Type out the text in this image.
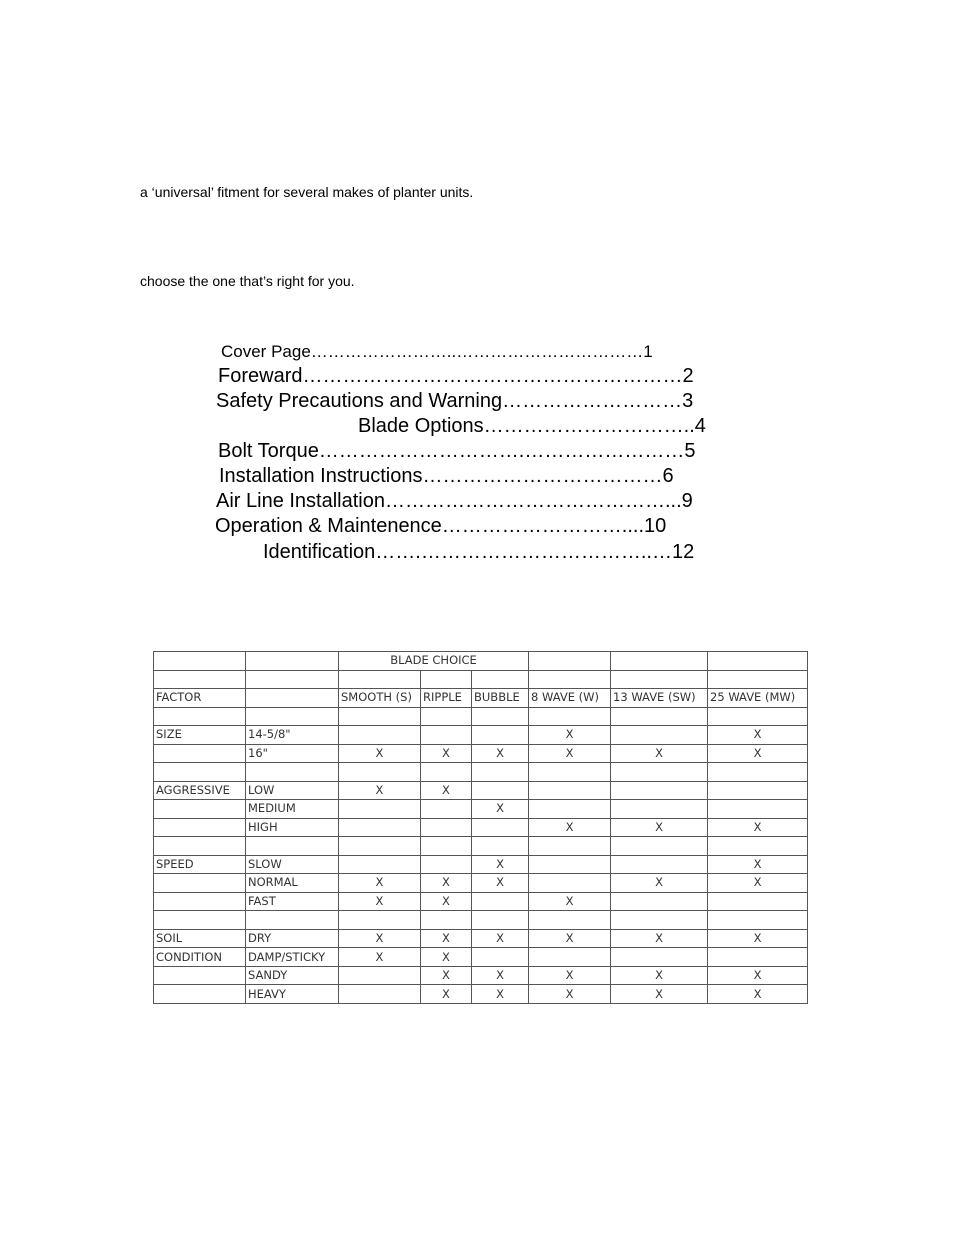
a ‘universal’ fitment for several makes of planter units.
choose the one that’s right for you.
Cover Page……………………..……………………………1
Foreward…………………………………………………2
Safety Precautions and Warning………………………3
Blade Options…………………………..4
Bolt Torque………………………….……………………5
Installation Instructions………………………………6
Air Line Installation……………………………………...9
Operation & Maintenence………………………....10
Identification…….……………………………..…12
		BLADE CHOICE					

FACTOR		SMOOTH (S)	RIPPLE	BUBBLE	8 WAVE (W)	13 WAVE (SW)	25 WAVE (MW)

SIZE	14-5/8"				X		X
	16"	X	X	X	X	X	X

AGGRESSIVE	LOW	X	X				
	MEDIUM			X			
	HIGH				X	X	X

SPEED	SLOW			X			X
	NORMAL	X	X	X		X	X
	FAST	X	X		X		

SOIL	DRY	X	X	X	X	X	X
CONDITION	DAMP/STICKY	X	X				
	SANDY		X	X	X	X	X
	HEAVY		X	X	X	X	X
